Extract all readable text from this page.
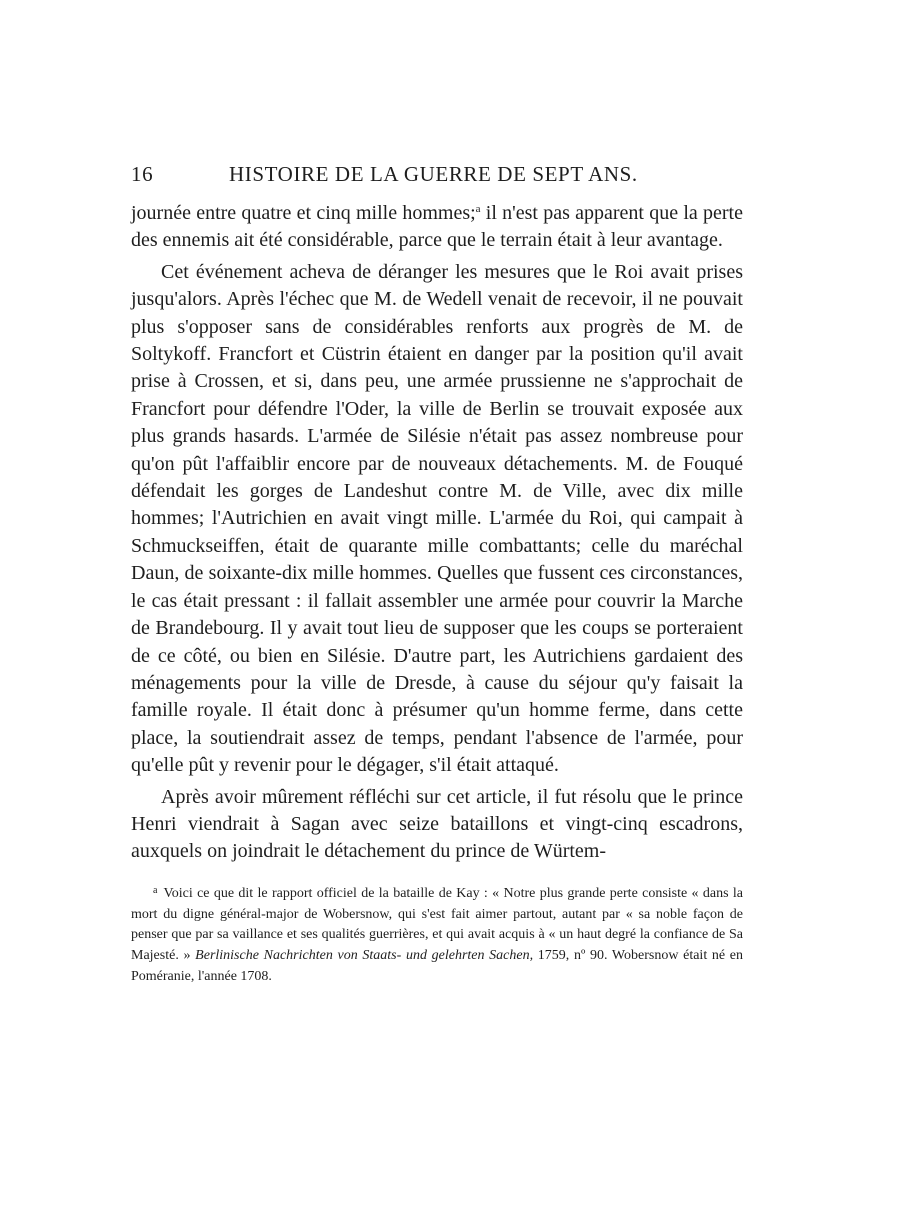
16	HISTOIRE DE LA GUERRE DE SEPT ANS.

journée entre quatre et cinq mille hommes;$^a$ il n'est pas apparent que la perte des ennemis ait été considérable, parce que le terrain était à leur avantage.

Cet événement acheva de déranger les mesures que le Roi avait prises jusqu'alors. Après l'échec que M. de Wedell venait de recevoir, il ne pouvait plus s'opposer sans de considérables renforts aux progrès de M. de Soltykoff. Francfort et Cüstrin étaient en danger par la position qu'il avait prise à Crossen, et si, dans peu, une armée prussienne ne s'approchait de Francfort pour défendre l'Oder, la ville de Berlin se trouvait exposée aux plus grands hasards. L'armée de Silésie n'était pas assez nombreuse pour qu'on pût l'affaiblir encore par de nouveaux détachements. M. de Fouqué défendait les gorges de Landeshut contre M. de Ville, avec dix mille hommes; l'Autrichien en avait vingt mille. L'armée du Roi, qui campait à Schmuckseiffen, était de quarante mille combattants; celle du maréchal Daun, de soixante-dix mille hommes. Quelles que fussent ces circonstances, le cas était pressant : il fallait assembler une armée pour couvrir la Marche de Brandebourg. Il y avait tout lieu de supposer que les coups se porteraient de ce côté, ou bien en Silésie. D'autre part, les Autrichiens gardaient des ménagements pour la ville de Dresde, à cause du séjour qu'y faisait la famille royale. Il était donc à présumer qu'un homme ferme, dans cette place, la soutiendrait assez de temps, pendant l'absence de l'armée, pour qu'elle pût y revenir pour le dégager, s'il était attaqué.

Après avoir mûrement réfléchi sur cet article, il fut résolu que le prince Henri viendrait à Sagan avec seize bataillons et vingt-cinq escadrons, auxquels on joindrait le détachement du prince de Würtem-

$^a$ Voici ce que dit le rapport officiel de la bataille de Kay : « Notre plus grande perte consiste « dans la mort du digne général-major de Wobersnow, qui s'est fait aimer partout, autant par « sa noble façon de penser que par sa vaillance et ses qualités guerrières, et qui avait acquis à « un haut degré la confiance de Sa Majesté. » Berlinische Nachrichten von Staats- und gelehrten Sachen, 1759, nº 90. Wobersnow était né en Poméranie, l'année 1708.
